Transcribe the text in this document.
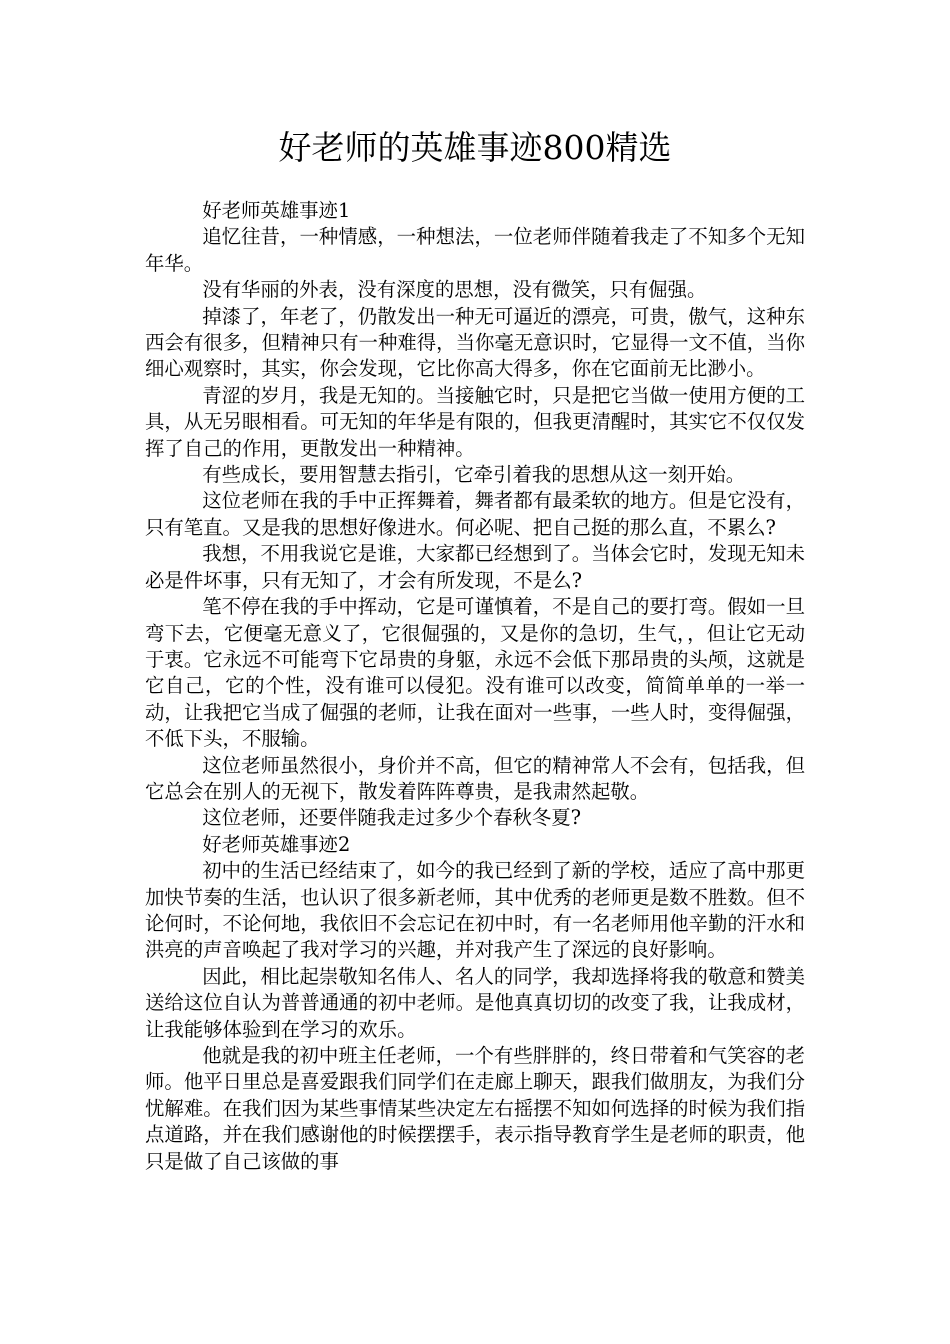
好老师的英雄事迹800精选

好老师英雄事迹1

追忆往昔，一种情感，一种想法，一位老师伴随着我走了不知多个无知年华。

没有华丽的外表，没有深度的思想，没有微笑，只有倔强。

掉漆了，年老了，仍散发出一种无可逼近的漂亮，可贵，傲气，这种东西会有很多，但精神只有一种难得，当你毫无意识时，它显得一文不值，当你细心观察时，其实，你会发现，它比你高大得多，你在它面前无比渺小。

青涩的岁月，我是无知的。当接触它时，只是把它当做一使用方便的工具，从无另眼相看。可无知的年华是有限的，但我更清醒时，其实它不仅仅发挥了自己的作用，更散发出一种精神。

有些成长，要用智慧去指引，它牵引着我的思想从这一刻开始。

这位老师在我的手中正挥舞着，舞者都有最柔软的地方。但是它没有，只有笔直。又是我的思想好像进水。何必呢、把自己挺的那么直，不累么?

我想，不用我说它是谁，大家都已经想到了。当体会它时，发现无知未必是件坏事，只有无知了，才会有所发现，不是么?

笔不停在我的手中挥动，它是可谨慎着，不是自己的要打弯。假如一旦弯下去，它便毫无意义了，它很倔强的，又是你的急切，生气，，但让它无动于衷。它永远不可能弯下它昂贵的身躯，永远不会低下那昂贵的头颅，这就是它自己，它的个性，没有谁可以侵犯。没有谁可以改变，简简单单的一举一动，让我把它当成了倔强的老师，让我在面对一些事，一些人时，变得倔强，不低下头，不服输。

这位老师虽然很小，身价并不高，但它的精神常人不会有，包括我，但它总会在别人的无视下，散发着阵阵尊贵，是我肃然起敬。

这位老师，还要伴随我走过多少个春秋冬夏?

好老师英雄事迹2

初中的生活已经结束了，如今的我已经到了新的学校，适应了高中那更加快节奏的生活，也认识了很多新老师，其中优秀的老师更是数不胜数。但不论何时，不论何地，我依旧不会忘记在初中时，有一名老师用他辛勤的汗水和洪亮的声音唤起了我对学习的兴趣，并对我产生了深远的良好影响。

因此，相比起崇敬知名伟人、名人的同学，我却选择将我的敬意和赞美送给这位自认为普普通通的初中老师。是他真真切切的改变了我，让我成材，让我能够体验到在学习的欢乐。

他就是我的初中班主任老师，一个有些胖胖的，终日带着和气笑容的老师。他平日里总是喜爱跟我们同学们在走廊上聊天，跟我们做朋友，为我们分忧解难。在我们因为某些事情某些决定左右摇摆不知如何选择的时候为我们指点道路，并在我们感谢他的时候摆摆手，表示指导教育学生是老师的职责，他只是做了自己该做的事
